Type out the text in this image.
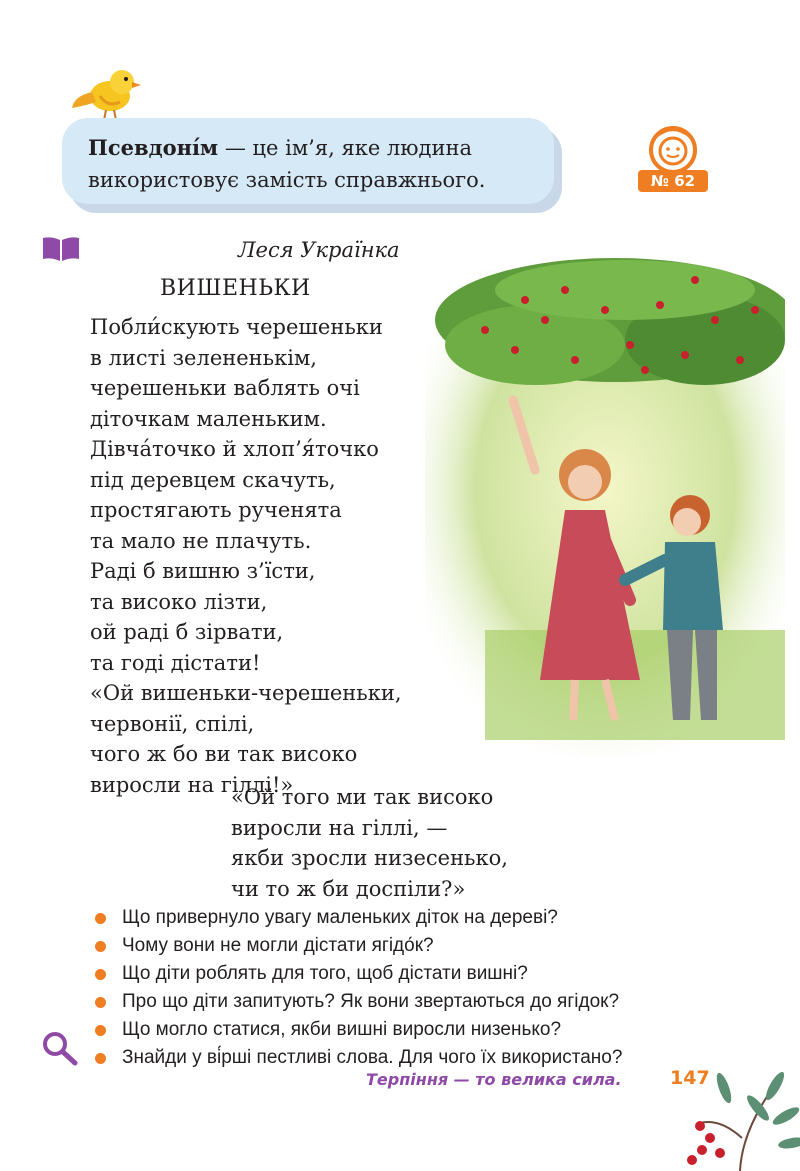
Псевдоні́м — це ім’я, яке людина
використовує замість справжнього.	№ 62
Леся Українка
ВИШЕНЬКИ
Побли́скують черешеньки
в листі зелененькім,
черешеньки ваблять очі
діточкам маленьким.
Дівча́точко й хлоп’я́точко
під деревцем скачуть,
простягають рученята
та мало не плачуть.
Раді б вишню з’їсти,
та високо лізти,
ой раді б зірвати,
та годі дістати!
«Ой вишеньки-черешеньки,
червонії, спілі,
чого ж бо ви так високо
виросли на гіллі!»
«Ой того ми так високо
виросли на гіллі, —
якби зросли низесенько,
чи то ж би доспіли?»
Що привернуло увагу маленьких діток на дереві?
Чому вони не могли дістати ягідо́к?
Що діти роблять для того, щоб дістати вишні?
Про що діти запитують? Як вони звертаються до ягідок?
Що могло статися, якби вишні виросли низенько?
Знайди у ві́рші пестливі слова. Для чого їх використано?
Терпіння — то велика сила.	147
